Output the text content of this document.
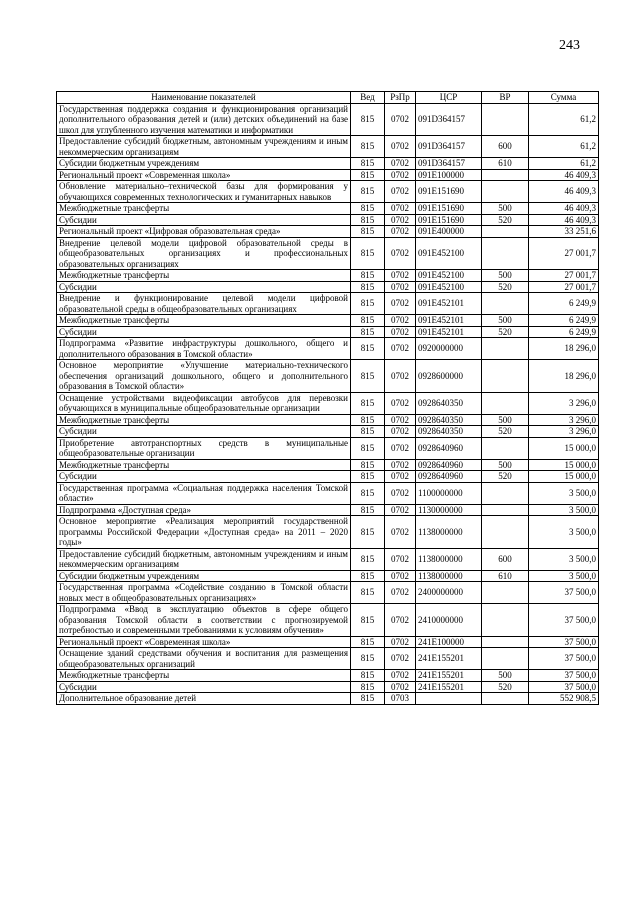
243
Наименование показателей	Вед	РзПр	ЦСР	ВР	Сумма
Государственная поддержка создания и функционирования организаций дополнительного образования детей и (или) детских объединений на базе школ для углубленного изучения математики и информатики	815	0702	091D364157		61,2
Предоставление субсидий бюджетным, автономным учреждениям и иным некоммерческим организациям	815	0702	091D364157	600	61,2
Субсидии бюджетным учреждениям	815	0702	091D364157	610	61,2
Региональный проект «Современная школа»	815	0702	091E100000		46 409,3
Обновление материально–технической базы для формирования у обучающихся современных технологических и гуманитарных навыков	815	0702	091E151690		46 409,3
Межбюджетные трансферты	815	0702	091E151690	500	46 409,3
Субсидии	815	0702	091E151690	520	46 409,3
Региональный проект «Цифровая образовательная среда»	815	0702	091E400000		33 251,6
Внедрение целевой модели цифровой образовательной среды в общеобразовательных организациях и профессиональных образовательных организациях	815	0702	091E452100		27 001,7
Межбюджетные трансферты	815	0702	091E452100	500	27 001,7
Субсидии	815	0702	091E452100	520	27 001,7
Внедрение и функционирование целевой модели цифровой образовательной среды в общеобразовательных организациях	815	0702	091E452101		6 249,9
Межбюджетные трансферты	815	0702	091E452101	500	6 249,9
Субсидии	815	0702	091E452101	520	6 249,9
Подпрограмма «Развитие инфраструктуры дошкольного, общего и дополнительного образования в Томской области»	815	0702	0920000000		18 296,0
Основное мероприятие «Улучшение материально-технического обеспечения организаций дошкольного, общего и дополнительного образования в Томской области»	815	0702	0928600000		18 296,0
Оснащение устройствами видеофиксации автобусов для перевозки обучающихся в муниципальные общеобразовательные организации	815	0702	0928640350		3 296,0
Межбюджетные трансферты	815	0702	0928640350	500	3 296,0
Субсидии	815	0702	0928640350	520	3 296,0
Приобретение автотранспортных средств в муниципальные общеобразовательные организации	815	0702	0928640960		15 000,0
Межбюджетные трансферты	815	0702	0928640960	500	15 000,0
Субсидии	815	0702	0928640960	520	15 000,0
Государственная программа «Социальная поддержка населения Томской области»	815	0702	1100000000		3 500,0
Подпрограмма «Доступная среда»	815	0702	1130000000		3 500,0
Основное мероприятие «Реализация мероприятий государственной программы Российской Федерации «Доступная среда» на 2011 – 2020 годы»	815	0702	1138000000		3 500,0
Предоставление субсидий бюджетным, автономным учреждениям и иным некоммерческим организациям	815	0702	1138000000	600	3 500,0
Субсидии бюджетным учреждениям	815	0702	1138000000	610	3 500,0
Государственная программа «Содействие созданию в Томской области новых мест в общеобразовательных организациях»	815	0702	2400000000		37 500,0
Подпрограмма «Ввод в эксплуатацию объектов в сфере общего образования Томской области в соответствии с прогнозируемой потребностью и современными требованиями к условиям обучения»	815	0702	2410000000		37 500,0
Региональный проект «Современная школа»	815	0702	241E100000		37 500,0
Оснащение зданий средствами обучения и воспитания для размещения общеобразовательных организаций	815	0702	241E155201		37 500,0
Межбюджетные трансферты	815	0702	241E155201	500	37 500,0
Субсидии	815	0702	241E155201	520	37 500,0
Дополнительное образование детей	815	0703			552 908,5
